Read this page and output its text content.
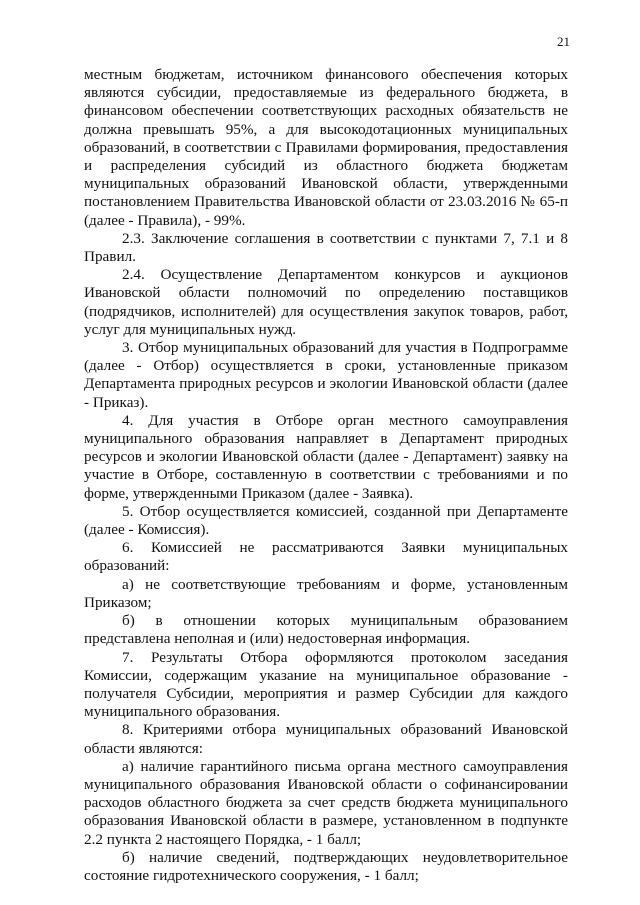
21

местным бюджетам, источником финансового обеспечения которых являются субсидии, предоставляемые из федерального бюджета, в финансовом обеспечении соответствующих расходных обязательств не должна превышать 95%, а для высокодотационных муниципальных образований, в соответствии с Правилами формирования, предоставления и распределения субсидий из областного бюджета бюджетам муниципальных образований Ивановской области, утвержденными постановлением Правительства Ивановской области от 23.03.2016 № 65-п (далее - Правила), - 99%.

2.3. Заключение соглашения в соответствии с пунктами 7, 7.1 и 8 Правил.

2.4. Осуществление Департаментом конкурсов и аукционов Ивановской области полномочий по определению поставщиков (подрядчиков, исполнителей) для осуществления закупок товаров, работ, услуг для муниципальных нужд.

3. Отбор муниципальных образований для участия в Подпрограмме (далее - Отбор) осуществляется в сроки, установленные приказом Департамента природных ресурсов и экологии Ивановской области (далее - Приказ).

4. Для участия в Отборе орган местного самоуправления муниципального образования направляет в Департамент природных ресурсов и экологии Ивановской области (далее - Департамент) заявку на участие в Отборе, составленную в соответствии с требованиями и по форме, утвержденными Приказом (далее - Заявка).

5. Отбор осуществляется комиссией, созданной при Департаменте (далее - Комиссия).

6. Комиссией не рассматриваются Заявки муниципальных образований:

а) не соответствующие требованиям и форме, установленным Приказом;

б) в отношении которых муниципальным образованием представлена неполная и (или) недостоверная информация.

7. Результаты Отбора оформляются протоколом заседания Комиссии, содержащим указание на муниципальное образование - получателя Субсидии, мероприятия и размер Субсидии для каждого муниципального образования.

8. Критериями отбора муниципальных образований Ивановской области являются:

а) наличие гарантийного письма органа местного самоуправления муниципального образования Ивановской области о софинансировании расходов областного бюджета за счет средств бюджета муниципального образования Ивановской области в размере, установленном в подпункте 2.2 пункта 2 настоящего Порядка, - 1 балл;

б) наличие сведений, подтверждающих неудовлетворительное состояние гидротехнического сооружения, - 1 балл;
